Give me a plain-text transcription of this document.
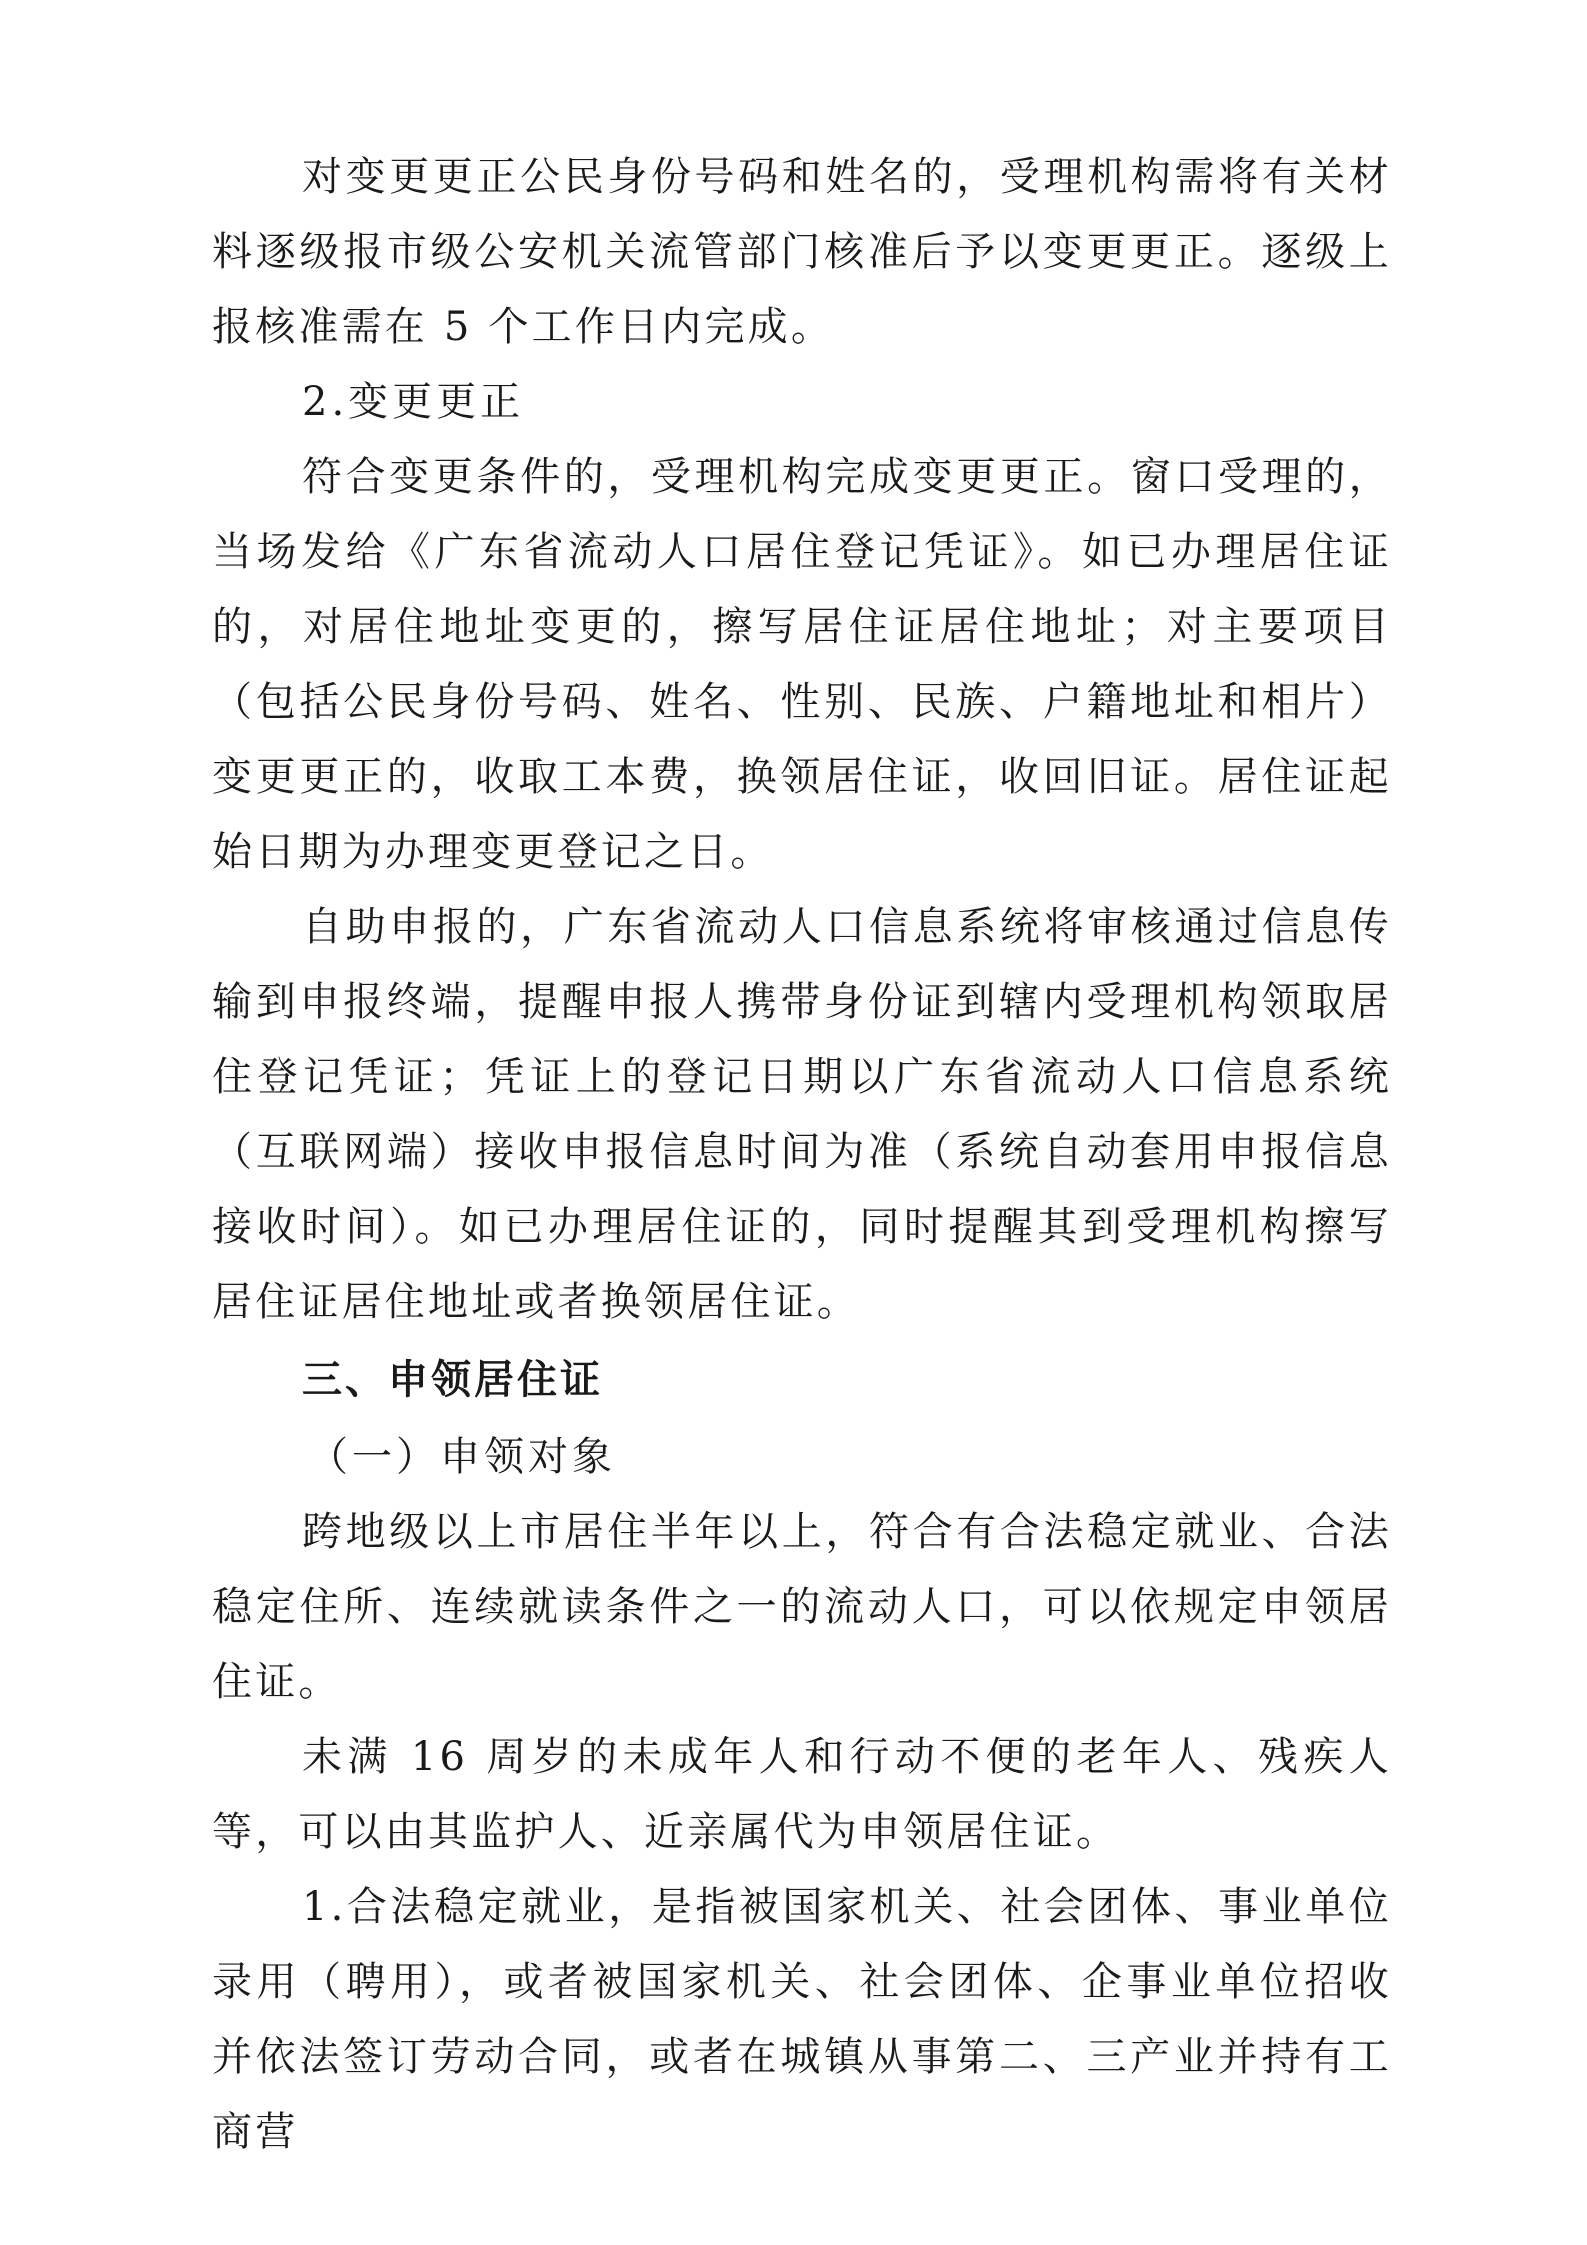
对变更更正公民身份号码和姓名的，受理机构需将有关材料逐级报市级公安机关流管部门核准后予以变更更正。逐级上报核准需在 5 个工作日内完成。

2.变更更正

符合变更条件的，受理机构完成变更更正。窗口受理的，当场发给《广东省流动人口居住登记凭证》。如已办理居住证的，对居住地址变更的，擦写居住证居住地址；对主要项目（包括公民身份号码、姓名、性别、民族、户籍地址和相片）变更更正的，收取工本费，换领居住证，收回旧证。居住证起始日期为办理变更登记之日。

自助申报的，广东省流动人口信息系统将审核通过信息传输到申报终端，提醒申报人携带身份证到辖内受理机构领取居住登记凭证；凭证上的登记日期以广东省流动人口信息系统（互联网端）接收申报信息时间为准（系统自动套用申报信息接收时间）。如已办理居住证的，同时提醒其到受理机构擦写居住证居住地址或者换领居住证。

三、申领居住证

（一）申领对象

跨地级以上市居住半年以上，符合有合法稳定就业、合法稳定住所、连续就读条件之一的流动人口，可以依规定申领居住证。

未满 16 周岁的未成年人和行动不便的老年人、残疾人等，可以由其监护人、近亲属代为申领居住证。

1.合法稳定就业，是指被国家机关、社会团体、事业单位录用（聘用），或者被国家机关、社会团体、企事业单位招收并依法签订劳动合同，或者在城镇从事第二、三产业并持有工商营
